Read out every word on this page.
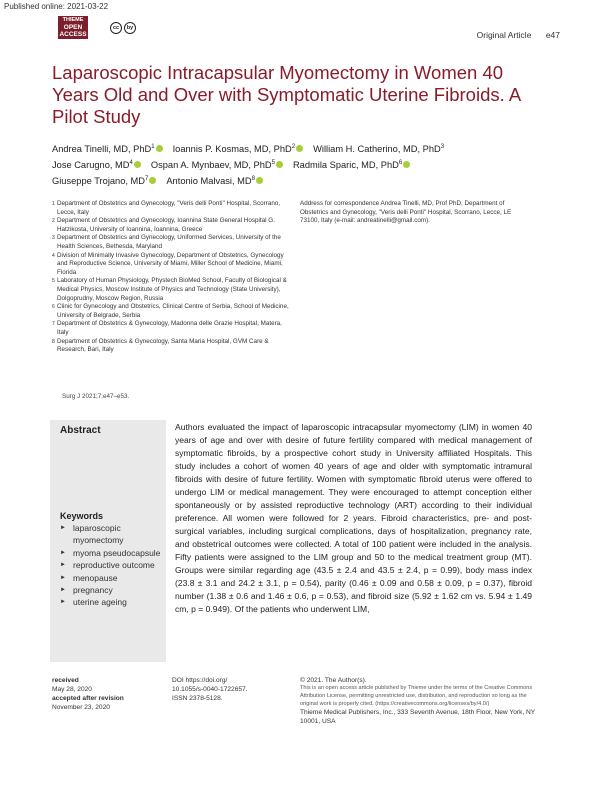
Published online: 2021-03-22
THIEME
OPEN ACCESS
cc	by
Original Article e47
Laparoscopic Intracapsular Myomectomy in Women 40 Years Old and Over with Symptomatic Uterine Fibroids. A Pilot Study
Andrea Tinelli, MD, PhD$^1$ Ioannis P. Kosmas, MD, PhD$^2$ William H. Catherino, MD, PhD$^3$
Jose Carugno, $MD^4$ Ospan A. Mynbaev, MD, PhD$^5$ Radmila Sparic, MD, PhD$^6$
Giuseppe Trojano, $MD^7$ Antonio Malvasi, $MD^8$
1 Department of Obstetrics and Gynecology, "Veris delli Ponti" Hospital, Scorrano, Lecce, Italy
2 Department of Obstetrics and Gynecology, Ioannina State General Hospital G. Hatzikosta, University of Ioannina, Ioannina, Greece
3 Department of Obstetrics and Gynecology, Uniformed Services, University of the Health Sciences, Bethesda, Maryland
4 Division of Minimally Invasive Gynecology, Department of Obstetrics, Gynecology and Reproductive Science, University of Miami, Miller School of Medicine, Miami, Florida
5 Laboratory of Human Physiology, Phystech BioMed School, Faculty of Biological & Medical Physics, Moscow Institute of Physics and Technology (State University), Dolgoprudny, Moscow Region, Russia
6 Clinic for Gynecology and Obstetrics, Clinical Centre of Serbia, School of Medicine, University of Belgrade, Serbia
7 Department of Obstetrics & Gynecology, Madonna delle Grazie Hospital, Matera, Italy
8 Department of Obstetrics & Gynecology, Santa Maria Hospital, GVM Care & Research, Bari, Italy
Address for correspondence Andrea Tinelli, MD, Prof PhD, Department of Obstetrics and Gynecology, "Veris delli Ponti" Hospital, Scorrano, Lecce, LE 73100, Italy (e-mail: andreatinelli@gmail.com).
Surg J 2021;7:e47–e53.
Abstract
Keywords
► laparoscopic myomectomy
► myoma pseudocapsule
► reproductive outcome
► menopause
► pregnancy
► uterine ageing

Authors evaluated the impact of laparoscopic intracapsular myomectomy (LIM) in women 40 years of age and over with desire of future fertility compared with medical management of symptomatic fibroids, by a prospective cohort study in University affiliated Hospitals. This study includes a cohort of women 40 years of age and older with symptomatic intramural fibroids with desire of future fertility. Women with symptomatic fibroid uterus were offered to undergo LIM or medical management. They were encouraged to attempt conception either spontaneously or by assisted reproductive technology (ART) according to their individual preference. All women were followed for 2 years. Fibroid characteristics, pre- and post-surgical variables, including surgical complications, days of hospitalization, pregnancy rate, and obstetrical outcomes were collected. A total of 100 patient were included in the analysis. Fifty patients were assigned to the LIM group and 50 to the medical treatment group (MT). Groups were similar regarding age (43.5 ± 2.4 and 43.5 ± 2.4, p = 0.99), body mass index (23.8 ± 3.1 and 24.2 ± 3.1, p = 0.54), parity (0.46 ± 0.09 and 0.58 ± 0.09, p = 0.37), fibroid number (1.38 ± 0.6 and 1.46 ± 0.6, p = 0.53), and fibroid size (5.92 ± 1.62 cm vs. 5.94 ± 1.49 cm, p = 0.949). Of the patients who underwent LIM,

received
May 28, 2020
accepted after revision
November 23, 2020
DOI https://doi.org/
10.1055/s-0040-1722657.
ISSN 2378-5128.
© 2021. The Author(s).
This is an open access article published by Thieme under the terms of the Creative Commons Attribution License, permitting unrestricted use, distribution, and reproduction so long as the original work is properly cited. (https://creativecommons.org/licenses/by/4.0/)
Thieme Medical Publishers, Inc., 333 Seventh Avenue, 18th Floor, New York, NY 10001, USA
